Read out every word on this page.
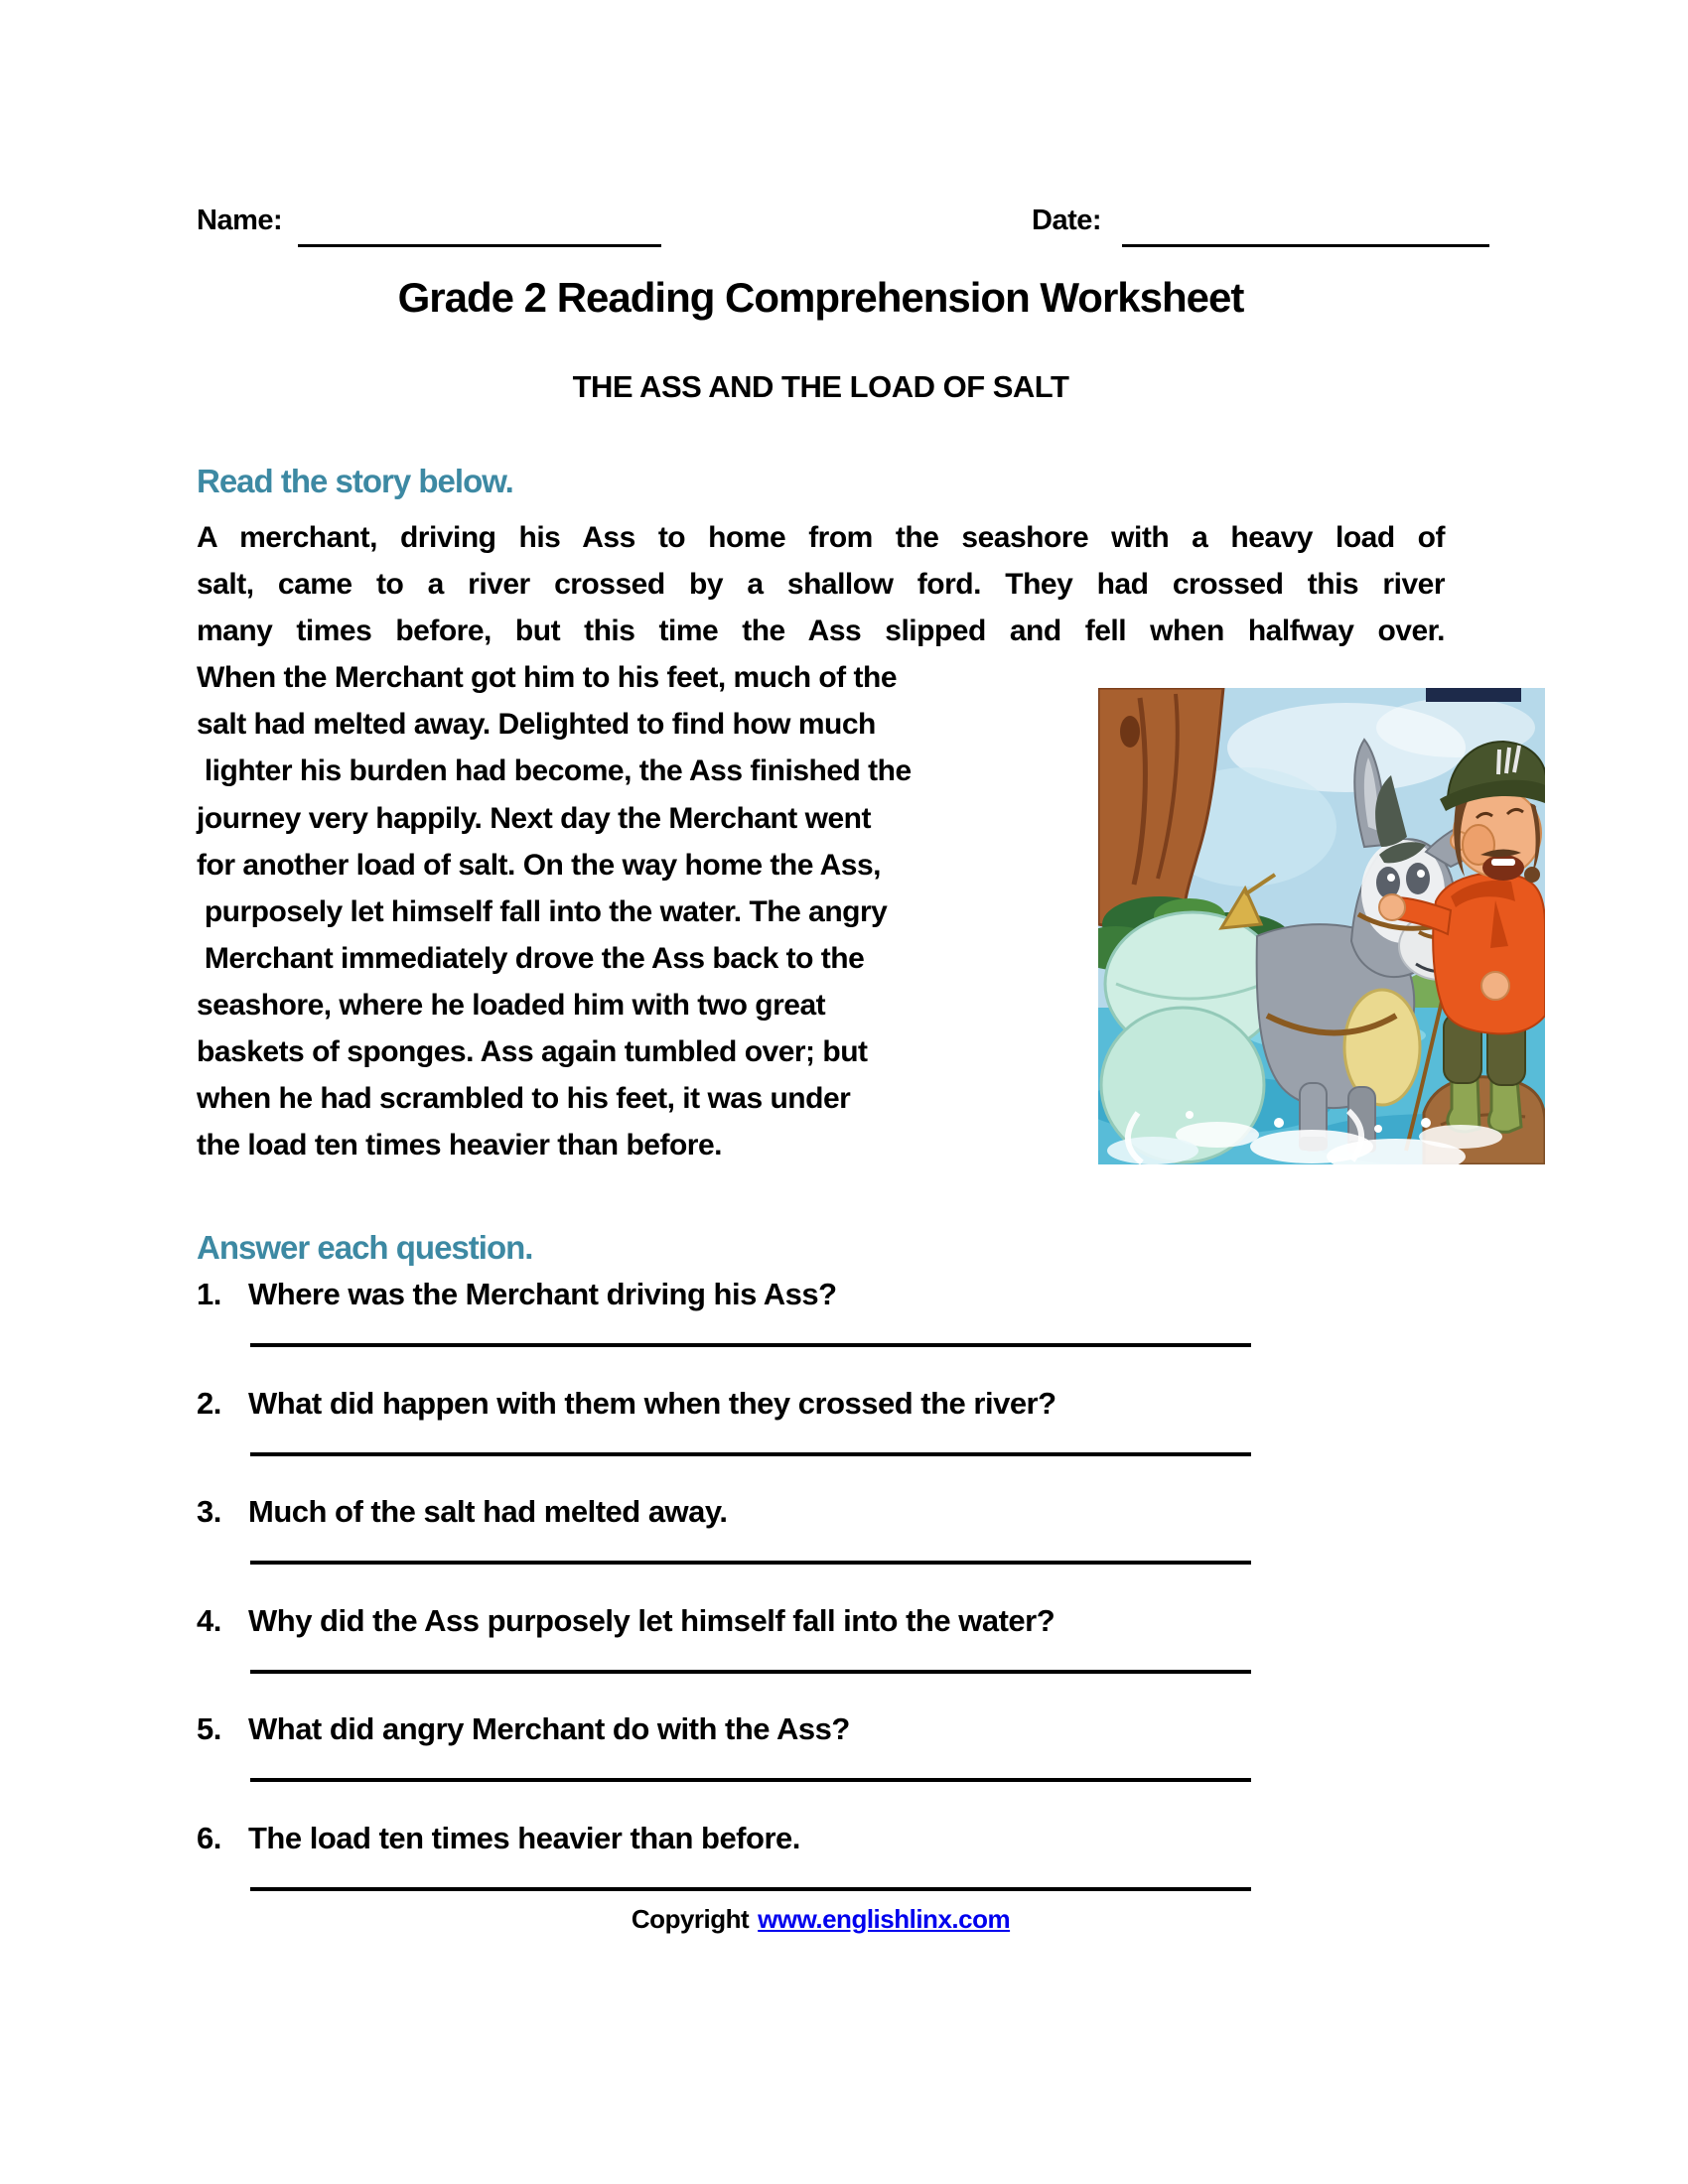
Name:	Date:
Grade 2 Reading Comprehension Worksheet
THE ASS AND THE LOAD OF SALT
Read the story below.
A merchant, driving his Ass to home from the seashore with a heavy load of
salt, came to a river crossed by a shallow ford. They had crossed this river
many times before, but this time the Ass slipped and fell when halfway over.
When the Merchant got him to his feet, much of the
salt had melted away. Delighted to find how much
lighter his burden had become, the Ass finished the
journey very happily. Next day the Merchant went
for another load of salt. On the way home the Ass,
purposely let himself fall into the water. The angry
Merchant immediately drove the Ass back to the
seashore, where he loaded him with two great
baskets of sponges. Ass again tumbled over; but
when he had scrambled to his feet, it was under
the load ten times heavier than before.
Answer each question.
1. Where was the Merchant driving his Ass?
2. What did happen with them when they crossed the river?
3. Much of the salt had melted away.
4. Why did the Ass purposely let himself fall into the water?
5. What did angry Merchant do with the Ass?
6. The load ten times heavier than before.
Copyright www.englishlinx.com
